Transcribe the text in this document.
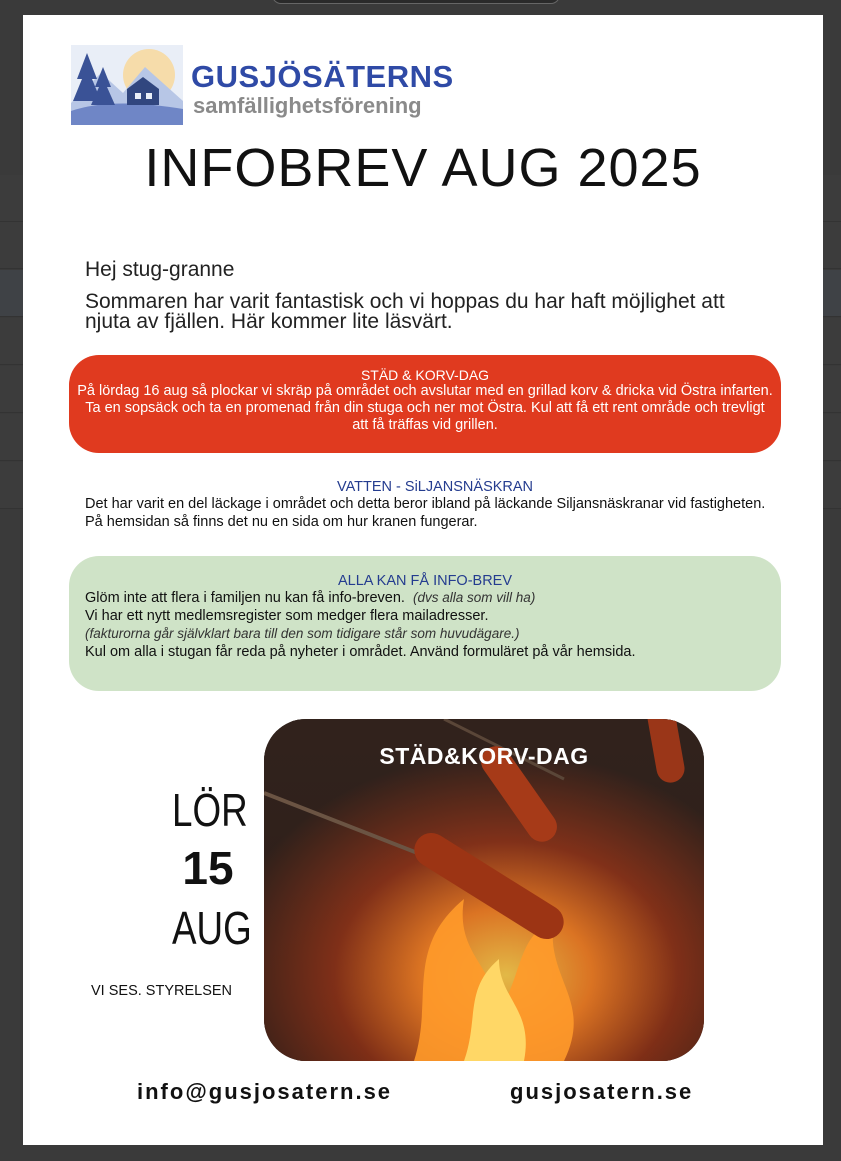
GUSJÖSÄTERNS
samfällighetsförening
INFOBREV AUG 2025
Hej stug-granne
Sommaren har varit fantastisk och vi hoppas du har haft möjlighet att njuta av fjällen. Här kommer lite läsvärt.
STÄD & KORV-DAG
På lördag 16 aug så plockar vi skräp på området och avslutar med en grillad korv & dricka vid Östra infarten. Ta en sopsäck och ta en promenad från din stuga och ner mot Östra. Kul att få ett rent område och trevligt att få träffas vid grillen.
VATTEN - SiLJANSNÄSKRAN
Det har varit en del läckage i området och detta beror ibland på läckande Siljansnäskranar vid fastigheten. På hemsidan så finns det nu en sida om hur kranen fungerar.
ALLA KAN FÅ INFO-BREV
Glöm inte att flera i familjen nu kan få info-breven. (dvs alla som vill ha)
Vi har ett nytt medlemsregister som medger flera mailadresser.
(fakturorna går självklart bara till den som tidigare står som huvudägare.)
Kul om alla i stugan får reda på nyheter i området. Använd formuläret på vår hemsida.
LÖR
15
AUG
VI SES. STYRELSEN
STÄD&KORV-DAG
info@gusjosatern.se	gusjosatern.se
